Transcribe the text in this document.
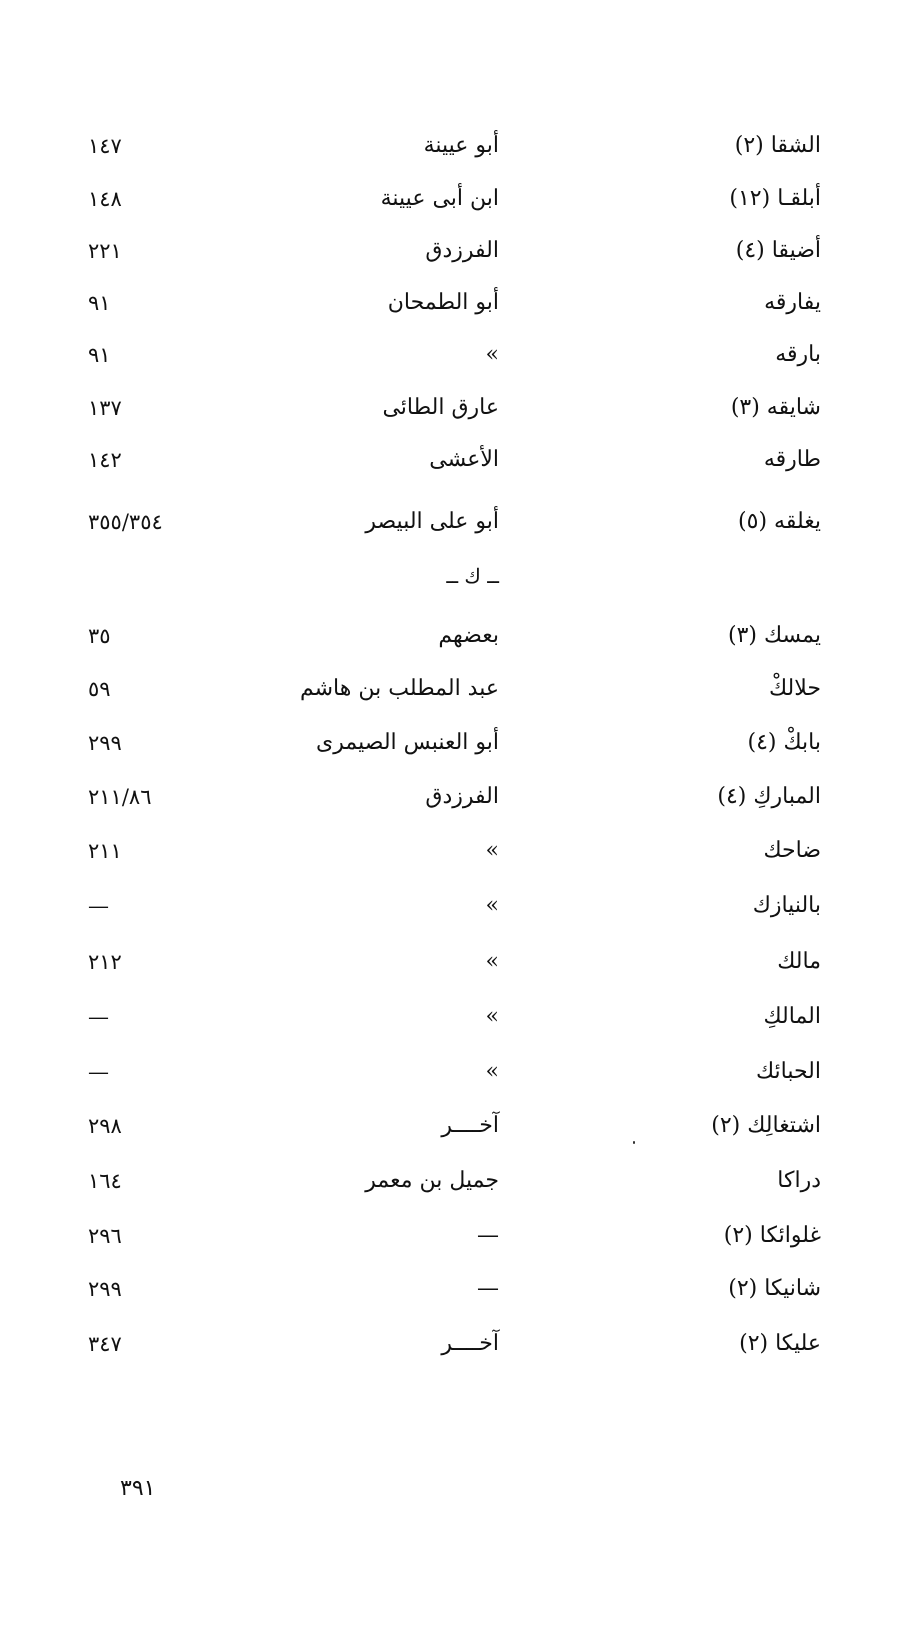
الشقا (٢)
أبو عيينة
١٤٧
أبلقـا (١٢)
ابن أبى عيينة
١٤٨
أضيقا (٤)
الفرزدق
٢٢١
يفارقه
أبو الطمحان
٩١
بارقه
»
٩١
شايقه (٣)
عارق الطائى
١٣٧
طارقه
الأعشى
١٤٢
يغلقه (٥)
أبو على البيصر
٣٥٥/٣٥٤
ــ ك ــ
يمسك (٣)
بعضهم
٣٥
حلالكْ
عبد المطلب بن هاشم
٥٩
بابكْ (٤)
أبو العنبس الصيمرى
٢٩٩
المباركِ (٤)
الفرزدق
٢١١/٨٦
ضاحك
»
٢١١
بالنيازك
»
—
مالك
»
٢١٢
المالكِ
»
—
الحبائك
»
—
اشتغالِك (٢)
آخــــر
٢٩٨
دراكا
جميل بن معمر
١٦٤
غلوائكا (٢)
—
٢٩٦
شانيكا (٢)
—
٢٩٩
عليكا (٢)
آخــــر
٣٤٧
٣٩١
